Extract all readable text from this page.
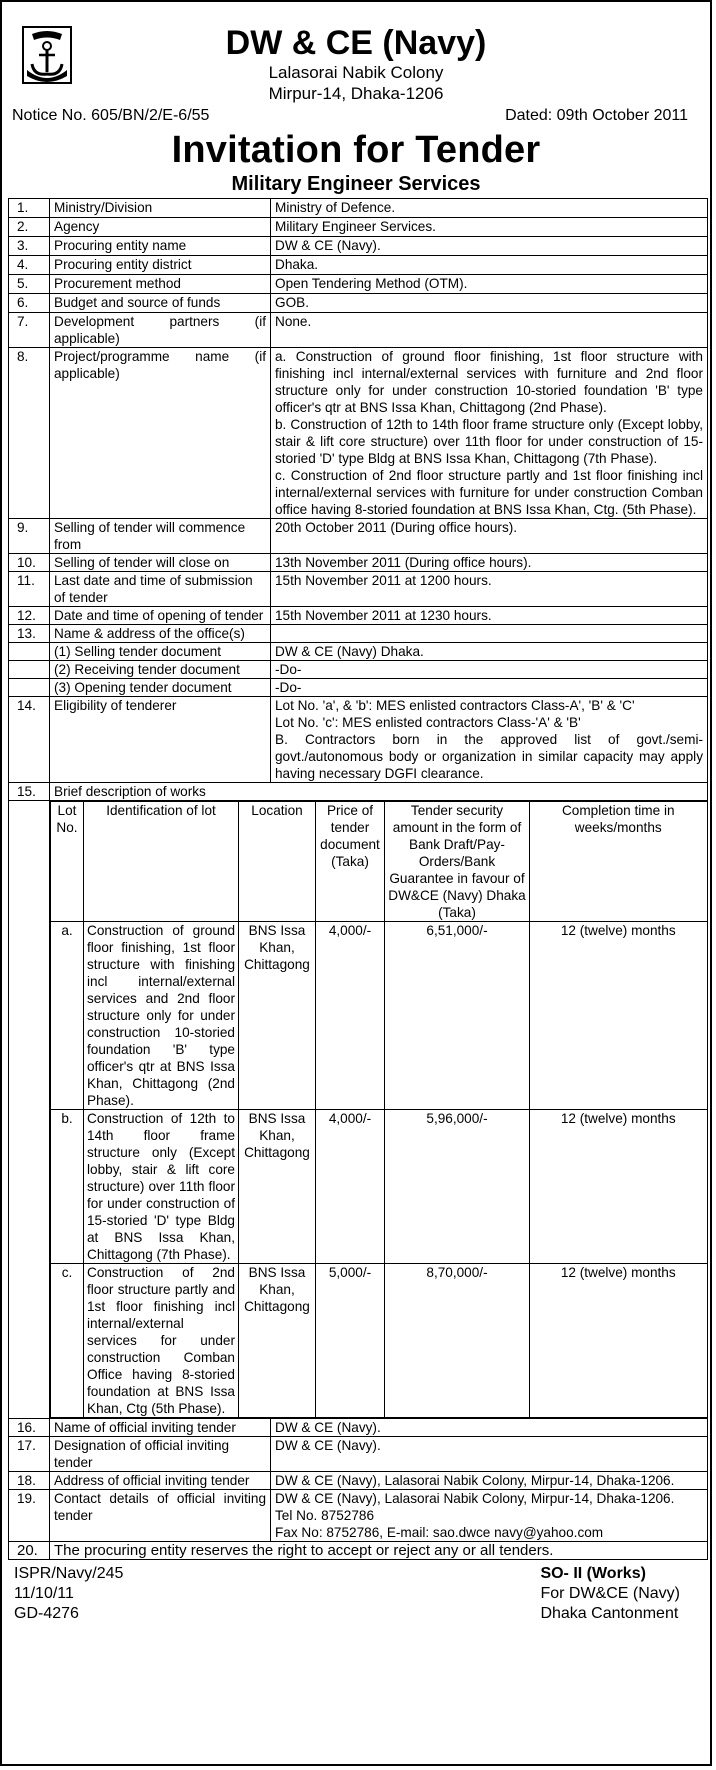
DW & CE (Navy)
Lalasorai Nabik Colony
Mirpur-14, Dhaka-1206
Notice No. 605/BN/2/E-6/55	Dated: 09th October 2011
Invitation for Tender
Military Engineer Services
1.	Ministry/Division	Ministry of Defence.
2.	Agency	Military Engineer Services.
3.	Procuring entity name	DW & CE (Navy).
4.	Procuring entity district	Dhaka.
5.	Procurement method	Open Tendering Method (OTM).
6.	Budget and source of funds	GOB.
7.	Development partners (if applicable)	None.
8.	Project/programme name (if applicable)	
a. Construction of ground floor finishing, 1st floor structure with finishing incl internal/external services with furniture and 2nd floor structure only for under construction 10-storied foundation 'B' type officer's qtr at BNS Issa Khan, Chittagong (2nd Phase).
b. Construction of 12th to 14th floor frame structure only (Except lobby, stair & lift core structure) over 11th floor for under construction of 15-storied 'D' type Bldg at BNS Issa Khan, Chittagong (7th Phase).
c. Construction of 2nd floor structure partly and 1st floor finishing incl internal/external services with furniture for under construction Comban office having 8-storied foundation at BNS Issa Khan, Ctg. (5th Phase).

9.	Selling of tender will commence from	20th October 2011 (During office hours).
10.	Selling of tender will close on	13th November 2011 (During office hours).
11.	Last date and time of submission of tender	15th November 2011 at 1200 hours.
12.	Date and time of opening of tender	15th November 2011 at 1230 hours.
13.	Name & address of the office(s)	
	(1) Selling tender document	DW & CE (Navy) Dhaka.
	(2) Receiving tender document	-Do-
	(3) Opening tender document	-Do-
14.	Eligibility of tenderer	Lot No. 'a', & 'b': MES enlisted contractors Class-A', 'B' & 'C'
Lot No. 'c': MES enlisted contractors Class-'A' & 'B'
B. Contractors born in the approved list of govt./semi-govt./autonomous body or organization in similar capacity may apply having necessary DGFI clearance.

15.	Brief description of works

Lot No.	Identification of lot	Location	Price of tender document (Taka)	Tender security amount in the form of Bank Draft/Pay-Orders/Bank Guarantee in favour of DW&CE (Navy) Dhaka (Taka)	Completion time in weeks/months
a.	Construction of ground floor finishing, 1st floor structure with finishing incl internal/external services and 2nd floor structure only for under construction 10-storied foundation 'B' type officer's qtr at BNS Issa Khan, Chittagong (2nd Phase).	BNS Issa Khan, Chittagong	4,000/-	6,51,000/-	12 (twelve) months
b.	Construction of 12th to 14th floor frame structure only (Except lobby, stair & lift core structure) over 11th floor for under construction of 15-storied 'D' type Bldg at BNS Issa Khan, Chittagong (7th Phase).	BNS Issa Khan, Chittagong	4,000/-	5,96,000/-	12 (twelve) months
c.	Construction of 2nd floor structure partly and 1st floor finishing incl internal/external services for under construction Comban Office having 8-storied foundation at BNS Issa Khan, Ctg (5th Phase).	BNS Issa Khan, Chittagong	5,000/-	8,70,000/-	12 (twelve) months

16.	Name of official inviting tender	DW & CE (Navy).
17.	Designation of official inviting tender	DW & CE (Navy).
18.	Address of official inviting tender	DW & CE (Navy), Lalasorai Nabik Colony, Mirpur-14, Dhaka-1206.
19.	Contact details of official inviting tender	
DW & CE (Navy), Lalasorai Nabik Colony, Mirpur-14, Dhaka-1206.
Tel No. 8752786
Fax No: 8752786, E-mail: sao.dwce navy@yahoo.com

20.	The procuring entity reserves the right to accept or reject any or all tenders.
ISPR/Navy/245
11/10/11
GD-4276
SO- II (Works)
For DW&CE (Navy)
Dhaka Cantonment
